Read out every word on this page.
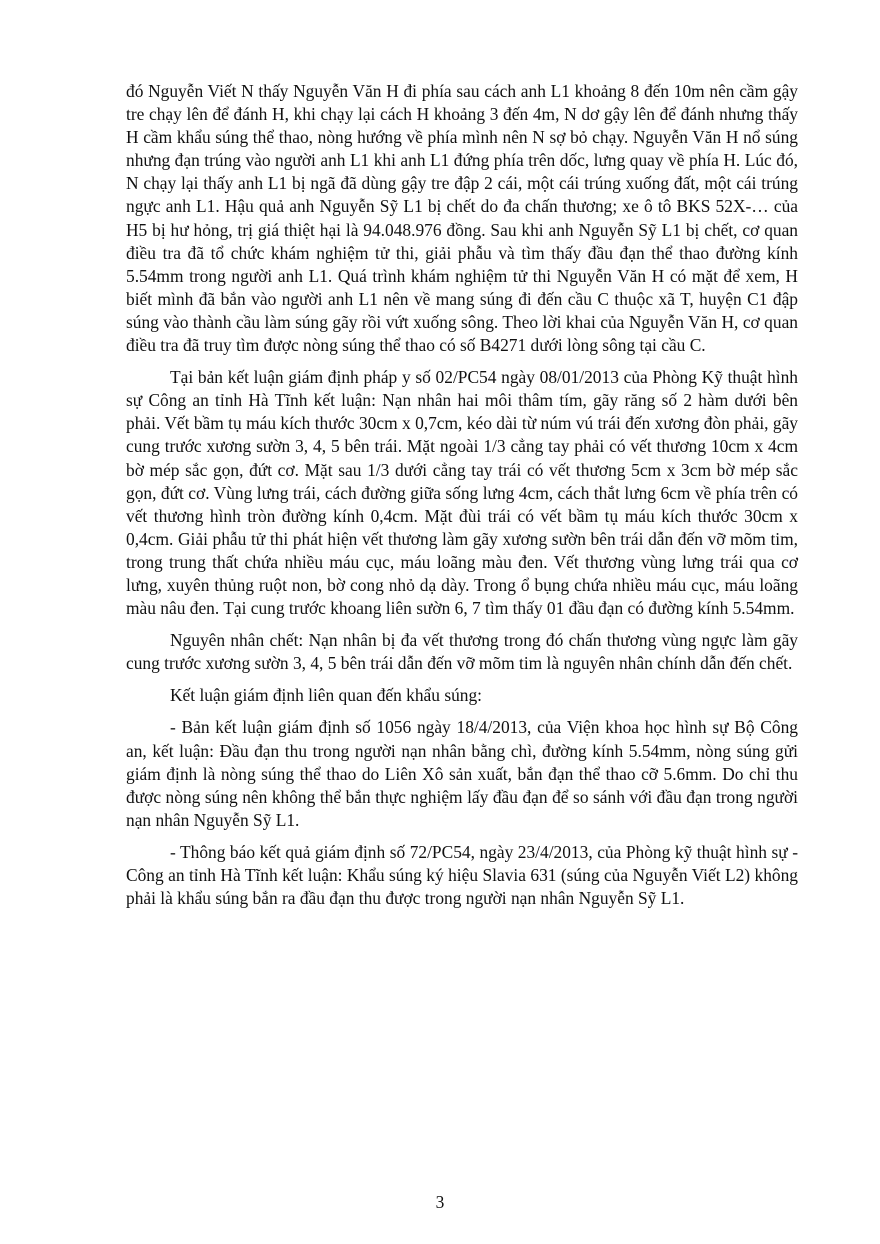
đó Nguyễn Viết N thấy Nguyễn Văn H đi phía sau cách anh L1 khoảng 8 đến 10m nên cầm gậy tre chạy lên để đánh H, khi chạy lại cách H khoảng 3 đến 4m, N dơ gậy lên để đánh nhưng thấy H cầm khẩu súng thể thao, nòng hướng về phía mình nên N sợ bỏ chạy. Nguyễn Văn H nổ súng nhưng đạn trúng vào người anh L1 khi anh L1 đứng phía trên dốc, lưng quay về phía H. Lúc đó, N chạy lại thấy anh L1 bị ngã đã dùng gậy tre đập 2 cái, một cái trúng xuống đất, một cái trúng ngực anh L1. Hậu quả anh Nguyễn Sỹ L1 bị chết do đa chấn thương; xe ô tô BKS 52X-… của H5 bị hư hỏng, trị giá thiệt hại là 94.048.976 đồng. Sau khi anh Nguyễn Sỹ L1 bị chết, cơ quan điều tra đã tổ chức khám nghiệm tử thi, giải phẫu và tìm thấy đầu đạn thể thao đường kính 5.54mm trong người anh L1. Quá trình khám nghiệm tử thi Nguyễn Văn H có mặt để xem, H biết mình đã bắn vào người anh L1 nên về mang súng đi đến cầu C thuộc xã T, huyện C1 đập súng vào thành cầu làm súng gãy rồi vứt xuống sông. Theo lời khai của Nguyễn Văn H, cơ quan điều tra đã truy tìm được nòng súng thể thao có số B4271 dưới lòng sông tại cầu C.

Tại bản kết luận giám định pháp y số 02/PC54 ngày 08/01/2013 của Phòng Kỹ thuật hình sự Công an tỉnh Hà Tĩnh kết luận: Nạn nhân hai môi thâm tím, gãy răng số 2 hàm dưới bên phải. Vết bầm tụ máu kích thước 30cm x 0,7cm, kéo dài từ núm vú trái đến xương đòn phải, gãy cung trước xương sườn 3, 4, 5 bên trái. Mặt ngoài 1/3 cẳng tay phải có vết thương 10cm x 4cm bờ mép sắc gọn, đứt cơ. Mặt sau 1/3 dưới cẳng tay trái có vết thương 5cm x 3cm bờ mép sắc gọn, đứt cơ. Vùng lưng trái, cách đường giữa sống lưng 4cm, cách thắt lưng 6cm về phía trên có vết thương hình tròn đường kính 0,4cm. Mặt đùi trái có vết bầm tụ máu kích thước 30cm x 0,4cm. Giải phẫu tử thi phát hiện vết thương làm gãy xương sườn bên trái dẫn đến vỡ mõm tim, trong trung thất chứa nhiều máu cục, máu loãng màu đen. Vết thương vùng lưng trái qua cơ lưng, xuyên thủng ruột non, bờ cong nhỏ dạ dày. Trong ổ bụng chứa nhiều máu cục, máu loãng màu nâu đen. Tại cung trước khoang liên sườn 6, 7 tìm thấy 01 đầu đạn có đường kính 5.54mm.

Nguyên nhân chết: Nạn nhân bị đa vết thương trong đó chấn thương vùng ngực làm gãy cung trước xương sườn 3, 4, 5 bên trái dẫn đến vỡ mõm tim là nguyên nhân chính dẫn đến chết.

Kết luận giám định liên quan đến khẩu súng:

- Bản kết luận giám định số 1056 ngày 18/4/2013, của Viện khoa học hình sự Bộ Công an, kết luận: Đầu đạn thu trong người nạn nhân bằng chì, đường kính 5.54mm, nòng súng gửi giám định là nòng súng thể thao do Liên Xô sản xuất, bắn đạn thể thao cỡ 5.6mm. Do chỉ thu được nòng súng nên không thể bắn thực nghiệm lấy đầu đạn để so sánh với đầu đạn trong người nạn nhân Nguyễn Sỹ L1.

- Thông báo kết quả giám định số 72/PC54, ngày 23/4/2013, của Phòng kỹ thuật hình sự - Công an tỉnh Hà Tĩnh kết luận: Khẩu súng ký hiệu Slavia 631 (súng của Nguyễn Viết L2) không phải là khẩu súng bắn ra đầu đạn thu được trong người nạn nhân Nguyễn Sỹ L1.

3
